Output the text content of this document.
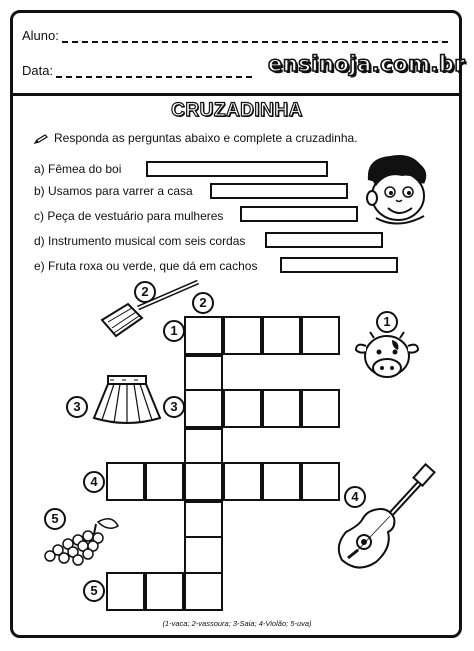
Aluno:
Data:	ensinoja.com.br
CRUZADINHA
Responda as perguntas abaixo e complete a cruzadinha.
a) Fêmea do boi
b) Usamos para varrer a casa
c) Peça de vestuário para mulheres
d) Instrumento musical com seis cordas
e) Fruta roxa ou verde, que dá em cachos
1
2
3
4
5
2
1
3
4
5
(1-vaca; 2-vassoura; 3-Saia; 4-Violão; 5-uva)
